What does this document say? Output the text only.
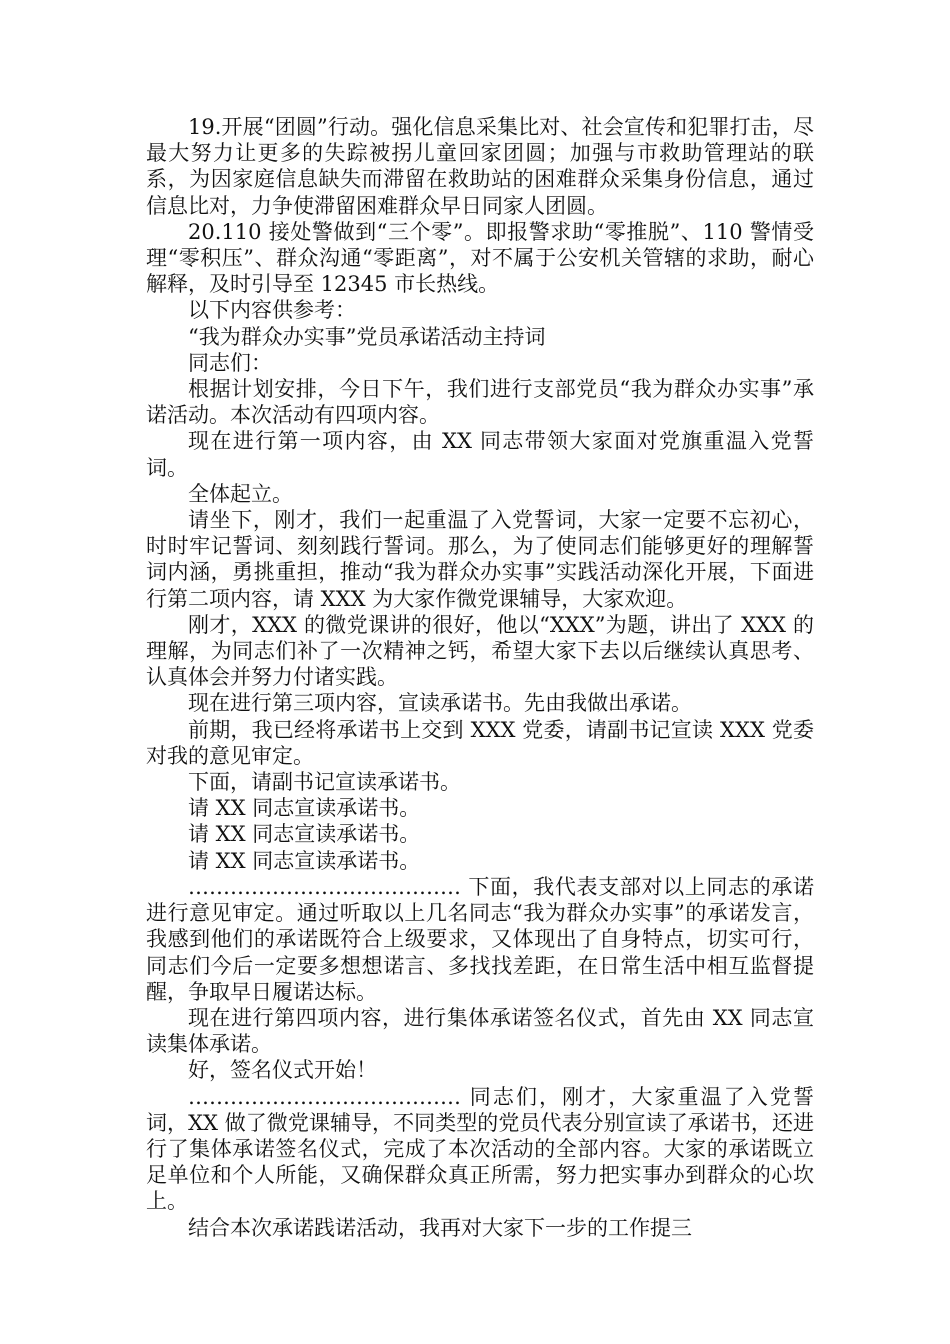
19.开展“团圆”行动。强化信息采集比对、社会宣传和犯罪打击，尽最大努力让更多的失踪被拐儿童回家团圆；加强与市救助管理站的联系，为因家庭信息缺失而滞留在救助站的困难群众采集身份信息，通过信息比对，力争使滞留困难群众早日同家人团圆。

20.110 接处警做到“三个零”。即报警求助“零推脱”、110 警情受理“零积压”、群众沟通“零距离”，对不属于公安机关管辖的求助，耐心解释，及时引导至 12345 市长热线。

以下内容供参考：

“我为群众办实事”党员承诺活动主持词

同志们：

根据计划安排，今日下午，我们进行支部党员“我为群众办实事”承诺活动。本次活动有四项内容。

现在进行第一项内容，由 XX 同志带领大家面对党旗重温入党誓词。

全体起立。

请坐下，刚才，我们一起重温了入党誓词，大家一定要不忘初心，时时牢记誓词、刻刻践行誓词。那么，为了使同志们能够更好的理解誓词内涵，勇挑重担，推动“我为群众办实事”实践活动深化开展，下面进行第二项内容，请 XXX 为大家作微党课辅导，大家欢迎。

刚才，XXX 的微党课讲的很好，他以“XXX”为题，讲出了 XXX 的理解，为同志们补了一次精神之钙，希望大家下去以后继续认真思考、认真体会并努力付诸实践。

现在进行第三项内容，宣读承诺书。先由我做出承诺。

前期，我已经将承诺书上交到 XXX 党委，请副书记宣读 XXX 党委对我的意见审定。

下面，请副书记宣读承诺书。

请 XX 同志宣读承诺书。

请 XX 同志宣读承诺书。

请 XX 同志宣读承诺书。

………………………………… 下面，我代表支部对以上同志的承诺进行意见审定。通过听取以上几名同志“我为群众办实事”的承诺发言，我感到他们的承诺既符合上级要求，又体现出了自身特点，切实可行，同志们今后一定要多想想诺言、多找找差距，在日常生活中相互监督提醒，争取早日履诺达标。

现在进行第四项内容，进行集体承诺签名仪式，首先由 XX 同志宣读集体承诺。

好，签名仪式开始！

………………………………… 同志们，刚才，大家重温了入党誓词，XX 做了微党课辅导，不同类型的党员代表分别宣读了承诺书，还进行了集体承诺签名仪式，完成了本次活动的全部内容。大家的承诺既立足单位和个人所能，又确保群众真正所需，努力把实事办到群众的心坎上。

结合本次承诺践诺活动，我再对大家下一步的工作提三
